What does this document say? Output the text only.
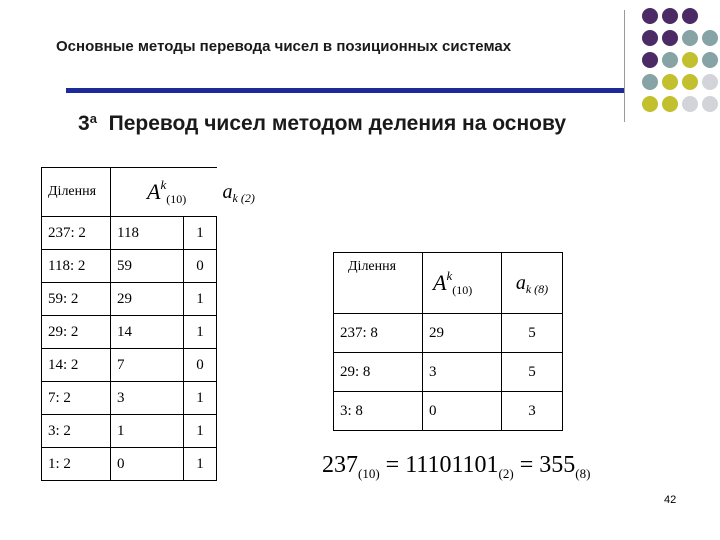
Основные методы перевода чисел в позиционных системах
$3^а$ Перевод чисел методом деления на основу
Ділення	$Ak_{(10)}$		$a_{k (2)}$
237: 2	118	1	
118: 2	59	0	
59: 2	29	1	
29: 2	14	1	
14: 2	7	0	
7: 2	3	1	
3: 2	1	1	
1: 2	0	1	
Ділення	$Ak_{(10)}$	$a_{k (8)}$
237: 8	29	5
29: 8	3	5
3: 8	0	3
$237_{(10)} = 11101101_{(2)} = 355_{(8)}$
42
